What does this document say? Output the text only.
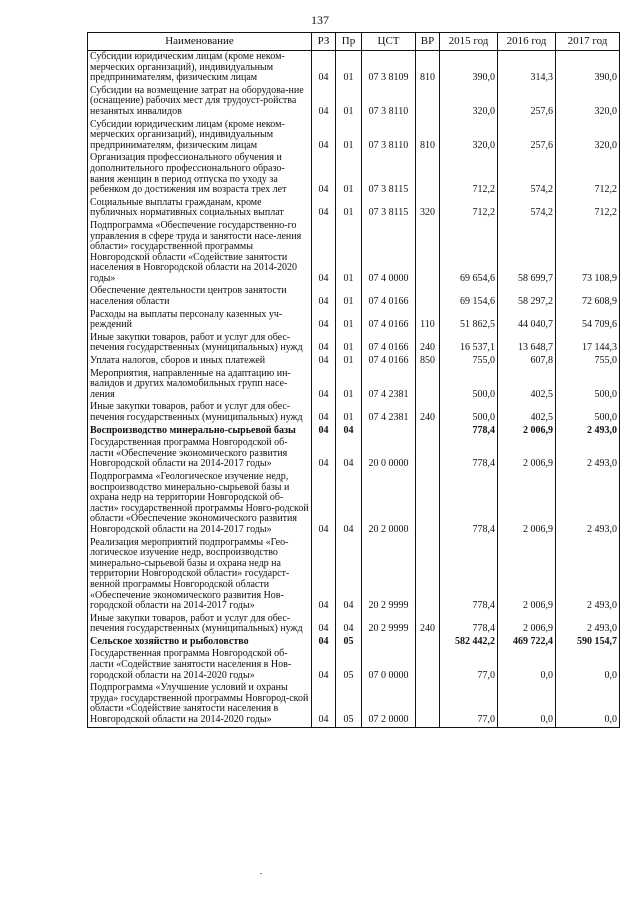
137
Наименование	РЗ	Пр	ЦСТ	ВР	2015 год	2016 год	2017 год
Субсидии юридическим лицам (кроме неком-мерческих организаций), индивидуальным предпринимателям, физическим лицам	04	01	07 3 8109	810	390,0	314,3	390,0
Субсидии на возмещение затрат на оборудова-ние (оснащение) рабочих мест для трудоуст-ройства незанятых инвалидов	04	01	07 3 8110		320,0	257,6	320,0
Субсидии юридическим лицам (кроме неком-мерческих организаций), индивидуальным предпринимателям, физическим лицам	04	01	07 3 8110	810	320,0	257,6	320,0
Организация профессионального обучения и дополнительного профессионального образо-вания женщин в период отпуска по уходу за ребенком до достижения им возраста трех лет	04	01	07 3 8115		712,2	574,2	712,2
Социальные выплаты гражданам, кроме публичных нормативных социальных выплат	04	01	07 3 8115	320	712,2	574,2	712,2
Подпрограмма «Обеспечение государственно-го управления в сфере труда и занятости насе-ления области» государственной программы Новгородской области «Содействие занятости населения в Новгородской области на 2014-2020 годы»	04	01	07 4 0000		69 654,6	58 699,7	73 108,9
Обеспечение деятельности центров занятости населения области	04	01	07 4 0166		69 154,6	58 297,2	72 608,9
Расходы на выплаты персоналу казенных уч-реждений	04	01	07 4 0166	110	51 862,5	44 040,7	54 709,6
Иные закупки товаров, работ и услуг для обес-печения государственных (муниципальных) нужд	04	01	07 4 0166	240	16 537,1	13 648,7	17 144,3
Уплата налогов, сборов и иных платежей	04	01	07 4 0166	850	755,0	607,8	755,0
Мероприятия, направленные на адаптацию ин-валидов и других маломобильных групп насе-ления	04	01	07 4 2381		500,0	402,5	500,0
Иные закупки товаров, работ и услуг для обес-печения государственных (муниципальных) нужд	04	01	07 4 2381	240	500,0	402,5	500,0
Воспроизводство минерально-сырьевой базы	04	04			778,4	2 006,9	2 493,0
Государственная программа Новгородской об-ласти «Обеспечение экономического развития Новгородской области на 2014-2017 годы»	04	04	20 0 0000		778,4	2 006,9	2 493,0
Подпрограмма «Геологическое изучение недр, воспроизводство минерально-сырьевой базы и охрана недр на территории Новгородской об-ласти» государственной программы Новго-родской области «Обеспечение экономического развития Новгородской области на 2014-2017 годы»	04	04	20 2 0000		778,4	2 006,9	2 493,0
Реализация мероприятий подпрограммы «Гео-логическое изучение недр, воспроизводство минерально-сырьевой базы и охрана недр на территории Новгородской области» государст-венной программы Новгородской области «Обеспечение экономического развития Нов-городской области на 2014-2017 годы»	04	04	20 2 9999		778,4	2 006,9	2 493,0
Иные закупки товаров, работ и услуг для обес-печения государственных (муниципальных) нужд	04	04	20 2 9999	240	778,4	2 006,9	2 493,0
Сельское хозяйство и рыболовство	04	05			582 442,2	469 722,4	590 154,7
Государственная программа Новгородской об-ласти «Содействие занятости населения в Нов-городской области на 2014-2020 годы»	04	05	07 0 0000		77,0	0,0	0,0
Подпрограмма «Улучшение условий и охраны труда» государственной программы Новгород-ской области «Содействие занятости населения в Новгородской области на 2014-2020 годы»	04	05	07 2 0000		77,0	0,0	0,0
